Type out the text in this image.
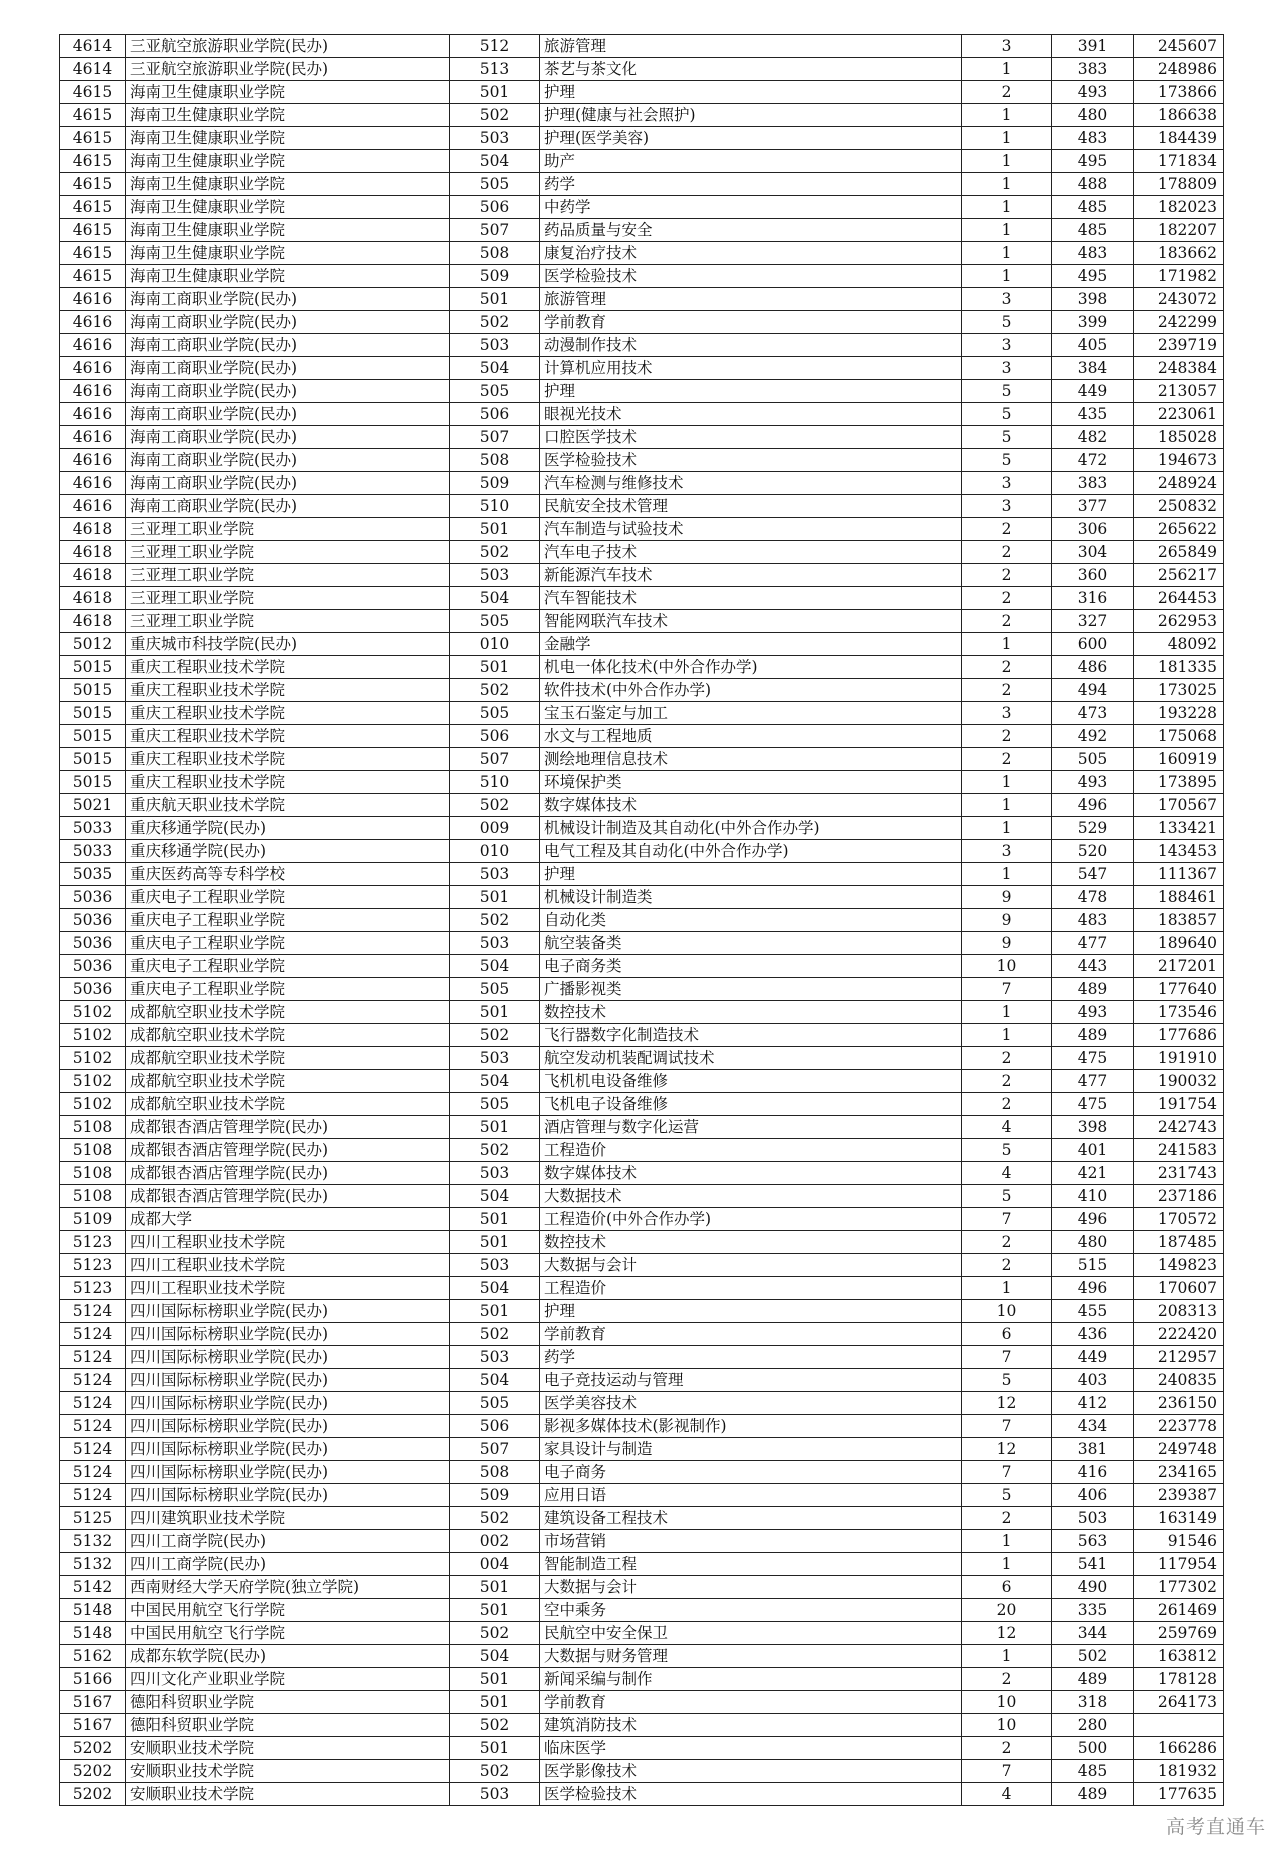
4614	三亚航空旅游职业学院(民办)	512	旅游管理	3	391	245607
4614	三亚航空旅游职业学院(民办)	513	茶艺与茶文化	1	383	248986
4615	海南卫生健康职业学院	501	护理	2	493	173866
4615	海南卫生健康职业学院	502	护理(健康与社会照护)	1	480	186638
4615	海南卫生健康职业学院	503	护理(医学美容)	1	483	184439
4615	海南卫生健康职业学院	504	助产	1	495	171834
4615	海南卫生健康职业学院	505	药学	1	488	178809
4615	海南卫生健康职业学院	506	中药学	1	485	182023
4615	海南卫生健康职业学院	507	药品质量与安全	1	485	182207
4615	海南卫生健康职业学院	508	康复治疗技术	1	483	183662
4615	海南卫生健康职业学院	509	医学检验技术	1	495	171982
4616	海南工商职业学院(民办)	501	旅游管理	3	398	243072
4616	海南工商职业学院(民办)	502	学前教育	5	399	242299
4616	海南工商职业学院(民办)	503	动漫制作技术	3	405	239719
4616	海南工商职业学院(民办)	504	计算机应用技术	3	384	248384
4616	海南工商职业学院(民办)	505	护理	5	449	213057
4616	海南工商职业学院(民办)	506	眼视光技术	5	435	223061
4616	海南工商职业学院(民办)	507	口腔医学技术	5	482	185028
4616	海南工商职业学院(民办)	508	医学检验技术	5	472	194673
4616	海南工商职业学院(民办)	509	汽车检测与维修技术	3	383	248924
4616	海南工商职业学院(民办)	510	民航安全技术管理	3	377	250832
4618	三亚理工职业学院	501	汽车制造与试验技术	2	306	265622
4618	三亚理工职业学院	502	汽车电子技术	2	304	265849
4618	三亚理工职业学院	503	新能源汽车技术	2	360	256217
4618	三亚理工职业学院	504	汽车智能技术	2	316	264453
4618	三亚理工职业学院	505	智能网联汽车技术	2	327	262953
5012	重庆城市科技学院(民办)	010	金融学	1	600	48092
5015	重庆工程职业技术学院	501	机电一体化技术(中外合作办学)	2	486	181335
5015	重庆工程职业技术学院	502	软件技术(中外合作办学)	2	494	173025
5015	重庆工程职业技术学院	505	宝玉石鉴定与加工	3	473	193228
5015	重庆工程职业技术学院	506	水文与工程地质	2	492	175068
5015	重庆工程职业技术学院	507	测绘地理信息技术	2	505	160919
5015	重庆工程职业技术学院	510	环境保护类	1	493	173895
5021	重庆航天职业技术学院	502	数字媒体技术	1	496	170567
5033	重庆移通学院(民办)	009	机械设计制造及其自动化(中外合作办学)	1	529	133421
5033	重庆移通学院(民办)	010	电气工程及其自动化(中外合作办学)	3	520	143453
5035	重庆医药高等专科学校	503	护理	1	547	111367
5036	重庆电子工程职业学院	501	机械设计制造类	9	478	188461
5036	重庆电子工程职业学院	502	自动化类	9	483	183857
5036	重庆电子工程职业学院	503	航空装备类	9	477	189640
5036	重庆电子工程职业学院	504	电子商务类	10	443	217201
5036	重庆电子工程职业学院	505	广播影视类	7	489	177640
5102	成都航空职业技术学院	501	数控技术	1	493	173546
5102	成都航空职业技术学院	502	飞行器数字化制造技术	1	489	177686
5102	成都航空职业技术学院	503	航空发动机装配调试技术	2	475	191910
5102	成都航空职业技术学院	504	飞机机电设备维修	2	477	190032
5102	成都航空职业技术学院	505	飞机电子设备维修	2	475	191754
5108	成都银杏酒店管理学院(民办)	501	酒店管理与数字化运营	4	398	242743
5108	成都银杏酒店管理学院(民办)	502	工程造价	5	401	241583
5108	成都银杏酒店管理学院(民办)	503	数字媒体技术	4	421	231743
5108	成都银杏酒店管理学院(民办)	504	大数据技术	5	410	237186
5109	成都大学	501	工程造价(中外合作办学)	7	496	170572
5123	四川工程职业技术学院	501	数控技术	2	480	187485
5123	四川工程职业技术学院	503	大数据与会计	2	515	149823
5123	四川工程职业技术学院	504	工程造价	1	496	170607
5124	四川国际标榜职业学院(民办)	501	护理	10	455	208313
5124	四川国际标榜职业学院(民办)	502	学前教育	6	436	222420
5124	四川国际标榜职业学院(民办)	503	药学	7	449	212957
5124	四川国际标榜职业学院(民办)	504	电子竞技运动与管理	5	403	240835
5124	四川国际标榜职业学院(民办)	505	医学美容技术	12	412	236150
5124	四川国际标榜职业学院(民办)	506	影视多媒体技术(影视制作)	7	434	223778
5124	四川国际标榜职业学院(民办)	507	家具设计与制造	12	381	249748
5124	四川国际标榜职业学院(民办)	508	电子商务	7	416	234165
5124	四川国际标榜职业学院(民办)	509	应用日语	5	406	239387
5125	四川建筑职业技术学院	502	建筑设备工程技术	2	503	163149
5132	四川工商学院(民办)	002	市场营销	1	563	91546
5132	四川工商学院(民办)	004	智能制造工程	1	541	117954
5142	西南财经大学天府学院(独立学院)	501	大数据与会计	6	490	177302
5148	中国民用航空飞行学院	501	空中乘务	20	335	261469
5148	中国民用航空飞行学院	502	民航空中安全保卫	12	344	259769
5162	成都东软学院(民办)	504	大数据与财务管理	1	502	163812
5166	四川文化产业职业学院	501	新闻采编与制作	2	489	178128
5167	德阳科贸职业学院	501	学前教育	10	318	264173
5167	德阳科贸职业学院	502	建筑消防技术	10	280	
5202	安顺职业技术学院	501	临床医学	2	500	166286
5202	安顺职业技术学院	502	医学影像技术	7	485	181932
5202	安顺职业技术学院	503	医学检验技术	4	489	177635
高考直通车
